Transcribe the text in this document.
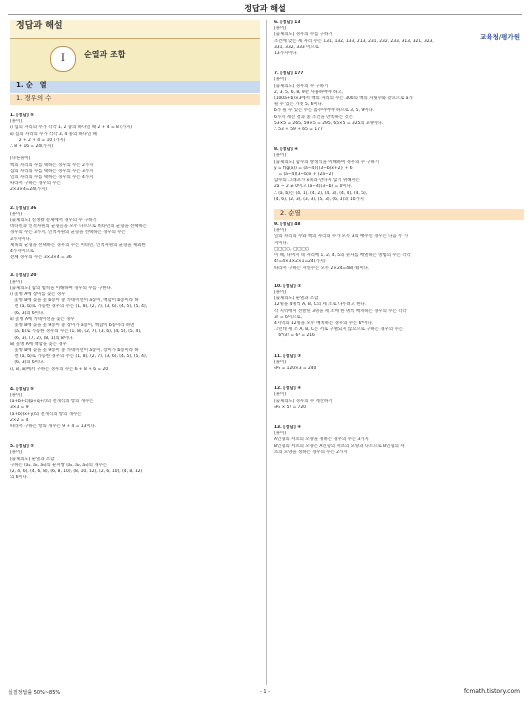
정답과 해설
교육청/평가원
정답과 해설
I	순열과 조합
1. 순　열
1. 경우의 수
1. [정답] ⑤
[풀이]
ⅰ) 십의 자리의 수가 각각 1, 2 중의 하나일 때 2 + 4 = 8 (가지)
ⅱ) 십의 자리의 수가 각각 3, 4 중의 하나일 때
　　2 + 2 + 4 = 10 (가지)
∴ 8 + 16 = 24(가지)

[다른풀이]
백의 자리의 수를 택하는 경우의 수는 2가지
십의 자리의 수를 택하는 경우의 수는 3가지
일의 자리의 수를 택하는 경우의 수는 4가지
따라서 구하는 경우의 수는
2×3×4=24(가지)
2. [정답] 36
[풀이]
[출제의도] 실생활 문제에서 경우의 수 구하기
비타민과 인적자원의 균형들을 모두 다르므로 비타민의 균형을 선택하는
경우의 수는 3가지, 인적자원의 균형을 선택하는 경우의 수는
3가지이다.
제목의 균형을 선택하는 경우의 수는 미타민, 인적자원의 균형을 제외한
4가지이므로
전체 경우의 수는 3×3×4 = 36
3. [정답] 20
[풀이]
[출제의도] 합의 법칙을 이해하여 경우의 수를 구한다.
ⅰ) 꽃병 A에 장미를 꽂는 경우
　꽃병 B에 꽂을 꽃 b송이 중 카네이션이 a송이, 백합이 b송이라 하
　면 (a, b)로 가능한 경우의 수는 (1, 8), (2, 7), (3, 6), (4, 5), (5, 4),
　(6, 3)의 6이다.
ⅱ) 꽃병 A에 카네이션을 꽂는 경우
　꽃병 B에 꽂을 꽃 9송이 중 장미가 a송이, 백합이 b송이라 하면
　(a, b)로 가능한 경우의 수는 (1, 8), (2, 7), (3, 6), (4, 5), (5, 4),
　(6, 3), (7, 2), (8, 1)의 8이다.
ⅲ) 꽃병 A에 백합을 꽂는 경우
　꽃병 B에 꽂을 꽃 9송이 중 카네이션이 a송이, 장미가 b송이라 하
　면 (a, b)로 가능한 경우의 수는 (1, 8), (2, 7), (3, 6), (4, 5), (5, 4),
　(6, 3)의 6이다.
ⅰ), ⅱ), ⅲ)에서 구하는 경우의 수는 6 + 8 + 6 = 20
4. [정답] ⑤
[풀이]
(a+b+c)(p+q+r)의 전개식의 항의 개수는
3×3 = 9
(a+b)(x+y)의 전개식의 항의 개수는
2×2 = 4
따라서 구하는 항의 개수는 9 + 4 = 13이다.
5. [정답] ②
[풀이]
[출제의도] 순열과 조합
구하는 (a₁, a₂, a₃)의 순서쌍 (a₁, a₂, a₃)의 개수는
(2, 4, 6), (4, 6, 8), (6, 8, 10), (8, 10, 12), (2, 6, 10), (4, 8, 12)
의 6이다.
6. [정답] 13
[풀이]
[출제의도] 경우의 수를 구하기
조건에 맞는 세 자리 수는 131, 132, 133, 213, 231, 232, 233, 313, 321, 323,
331, 332, 333 이므로
13가지이다.
7. [정답] 177
[풀이]
[출제의도] 경우의 수 구하기
2, 3, 5, 6, 8, 9만 사용하여야 하고,
(100a+b)×3에서 백의 자리의 수는 300의 백의 자릿수와 같으므로 a가
될 수 있는 가짓 5, 6이다.
b가 될 수 있는 수는 흡수이어야 하므로 3, 5, 9이다.
6가지 계산 결과 중 조건을 만족하는 것은
53×5 = 265, 59×5 = 295, 65×5 = 325의 3개이다.
∴ 53 + 59 + 65 = 177
8. [정답] ④
[풀이]
[출제의도] 함수의 방정식을 이해하여 경우의 수 구하기
y = f(g(x)) = (a−4){(3−b)x+2} + 6
　= (a−4)(3−b)x + (2a−2)
함수의 그래프가 x축과 만나지 않기 위해서는
2a − 2 ≠ 0이고 (a−4)(3−b) = 0이다.
∴ (a, b)는 (4, 1), (4, 2), (4, 3), (4, 4), (4, 5),
(4, 6), (2, 3), (3, 3), (5, 3), (6, 3)의 10가지
2. 순열
9. [정답] 48
[풀이]
일의 자리의 수와 백의 자리의 수가 모두 3의 배수인 경우는 다음 두 가
지이다.
□□□○, □□□○
이 때, 나머지 네 자리에 1, 2, 4, 5의 숫자를 배열하는 방법의 수는 각각
4!=4×3×2×1=24(가지)
따라서 구하는 자연수는 모두 2×24=48(개)이다.
10. [정답] ③
[풀이]
[출제의도] 순열과 조합
12명을 4명씩 A, B, C의 세 조로 나누려고 한다.
각 지역에서 선발된 3명을 세 조에 한 명씩 배치하는 경우의 수는 각각
3! = 6이므로,
4지역의 12명을 모두 배치하는 경우의 수는 6⁴이다.
그런데 세 조 A, B, C는 서로 구별되지 않으므로 구하는 경우의 수는
　6⁴/3! = 6³ = 216
11. [정답] ③
[풀이]
₅P₃ = 120×3 = 240
12. [정답] ④
[풀이]
[출제의도] 경우의 수 계산하기
₃P₂ × 5! = 720
13. [정답] ④
[풀이]
A인형의 서츠의 모양을 정하는 경우의 수는 3가지
B인형의 서츠의 모양은 A인형의 셔츠의 모양과 다르므로 B인형의 셔
츠의 모양을 정하는 경우의 수는 2가지
실질정답률 50%~85%	- 1 -	fcmath.tistory.com
